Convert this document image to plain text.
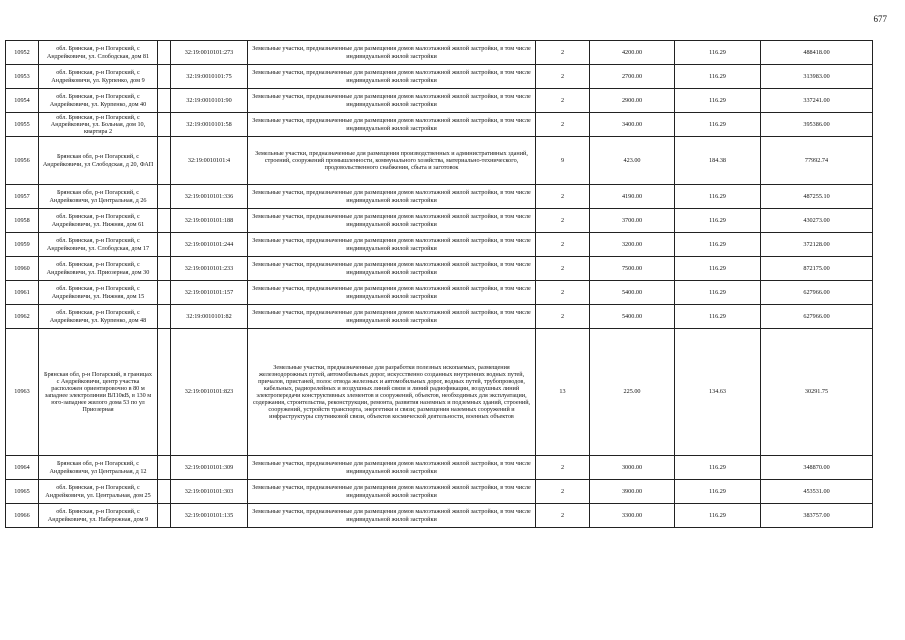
677
10952	обл. Брянская, р-н Погарский, с Андрейковичи, ул. Слободская, дом 81		32:19:0010101:273	Земельные участки, предназначенные для размещения домов малоэтажной жилой застройки, в том числе индивидуальной жилой застройки	2	4200.00	116.29	488418.00
10953	обл. Брянская, р-н Погарский, с Андрейковичи, ул. Курпенко, дом 9		32:19:0010101:75	Земельные участки, предназначенные для размещения домов малоэтажной жилой застройки, в том числе индивидуальной жилой застройки	2	2700.00	116.29	313983.00
10954	обл. Брянская, р-н Погарский, с Андрейковичи, ул. Курпенко, дом 40		32:19:0010101:90	Земельные участки, предназначенные для размещения домов малоэтажной жилой застройки, в том числе индивидуальной жилой застройки	2	2900.00	116.29	337241.00
10955	обл. Брянская, р-н Погарский, с Андрейковичи, ул. Больная, дом 10, квартира 2		32:19:0010101:58	Земельные участки, предназначенные для размещения домов малоэтажной жилой застройки, в том числе индивидуальной жилой застройки	2	3400.00	116.29	395386.00
10956	Брянская обл, р-н Погарский, с Андрейковичи, ул Слободская, д 20, ФАП		32:19:0010101:4	Земельные участки, предназначенные для размещения производственных и административных зданий, строений, сооружений промышленности, коммунального хозяйства, материально-технического, продовольственного снабжения, сбыта и заготовок	9	423.00	184.38	77992.74
10957	Брянская обл, р-н Погарский, с Андрейковичи, ул Центральная, д 26		32:19:0010101:336	Земельные участки, предназначенные для размещения домов малоэтажной жилой застройки, в том числе индивидуальной жилой застройки	2	4190.00	116.29	487255.10
10958	обл. Брянская, р-н Погарский, с Андрейковичи, ул. Нижняя, дом 61		32:19:0010101:188	Земельные участки, предназначенные для размещения домов малоэтажной жилой застройки, в том числе индивидуальной жилой застройки	2	3700.00	116.29	430273.00
10959	обл. Брянская, р-н Погарский, с Андрейковичи, ул. Слободская, дом 17		32:19:0010101:244	Земельные участки, предназначенные для размещения домов малоэтажной жилой застройки, в том числе индивидуальной жилой застройки	2	3200.00	116.29	372128.00
10960	обл. Брянская, р-н Погарский, с Андрейковичи, ул. Приозерная, дом 30		32:19:0010101:233	Земельные участки, предназначенные для размещения домов малоэтажной жилой застройки, в том числе индивидуальной жилой застройки	2	7500.00	116.29	872175.00
10961	обл. Брянская, р-н Погарский, с Андрейковичи, ул. Нижняя, дом 15		32:19:0010101:157	Земельные участки, предназначенные для размещения домов малоэтажной жилой застройки, в том числе индивидуальной жилой застройки	2	5400.00	116.29	627966.00
10962	обл. Брянская, р-н Погарский, с Андрейковичи, ул. Курпенко, дом 48		32:19:0010101:82	Земельные участки, предназначенные для размещения домов малоэтажной жилой застройки, в том числе индивидуальной жилой застройки	2	5400.00	116.29	627966.00
10963	Брянская обл, р-н Погарский, в границах с Андрейковичи, центр участка расположен ориентировочно в 80 м западнее электролинии ВЛ10кВ, в 130 м юго-западнее жилого дома 53 по ул Приозерная		32:19:0010101:823	Земельные участки, предназначенные для разработки полезных ископаемых, размещения железнодорожных путей, автомобильных дорог, искусственно созданных внутренних водных путей, причалов, пристаней, полос отвода железных и автомобильных дорог, водных путей, трубопроводов, кабельных, радиорелейных и воздушных линий связи и линий радиофикации, воздушных линий электропередачи конструктивных элементов и сооружений, объектов, необходимых для эксплуатации, содержания, строительства, реконструкции, ремонта, развития наземных и подземных зданий, строений, сооружений, устройств транспорта, энергетики и связи; размещения наземных сооружений и инфраструктуры спутниковой связи, объектов космической деятельности, военных объектов	13	225.00	134.63	30291.75
10964	Брянская обл, р-н Погарский, с Андрейковичи, ул Центральная, д 12		32:19:0010101:309	Земельные участки, предназначенные для размещения домов малоэтажной жилой застройки, в том числе индивидуальной жилой застройки	2	3000.00	116.29	348870.00
10965	обл. Брянская, р-н Погарский, с Андрейковичи, ул. Центральная, дом 25		32:19:0010101:303	Земельные участки, предназначенные для размещения домов малоэтажной жилой застройки, в том числе индивидуальной жилой застройки	2	3900.00	116.29	453531.00
10966	обл. Брянская, р-н Погарский, с Андрейковичи, ул. Набережная, дом 9		32:19:0010101:135	Земельные участки, предназначенные для размещения домов малоэтажной жилой застройки, в том числе индивидуальной жилой застройки	2	3300.00	116.29	383757.00
